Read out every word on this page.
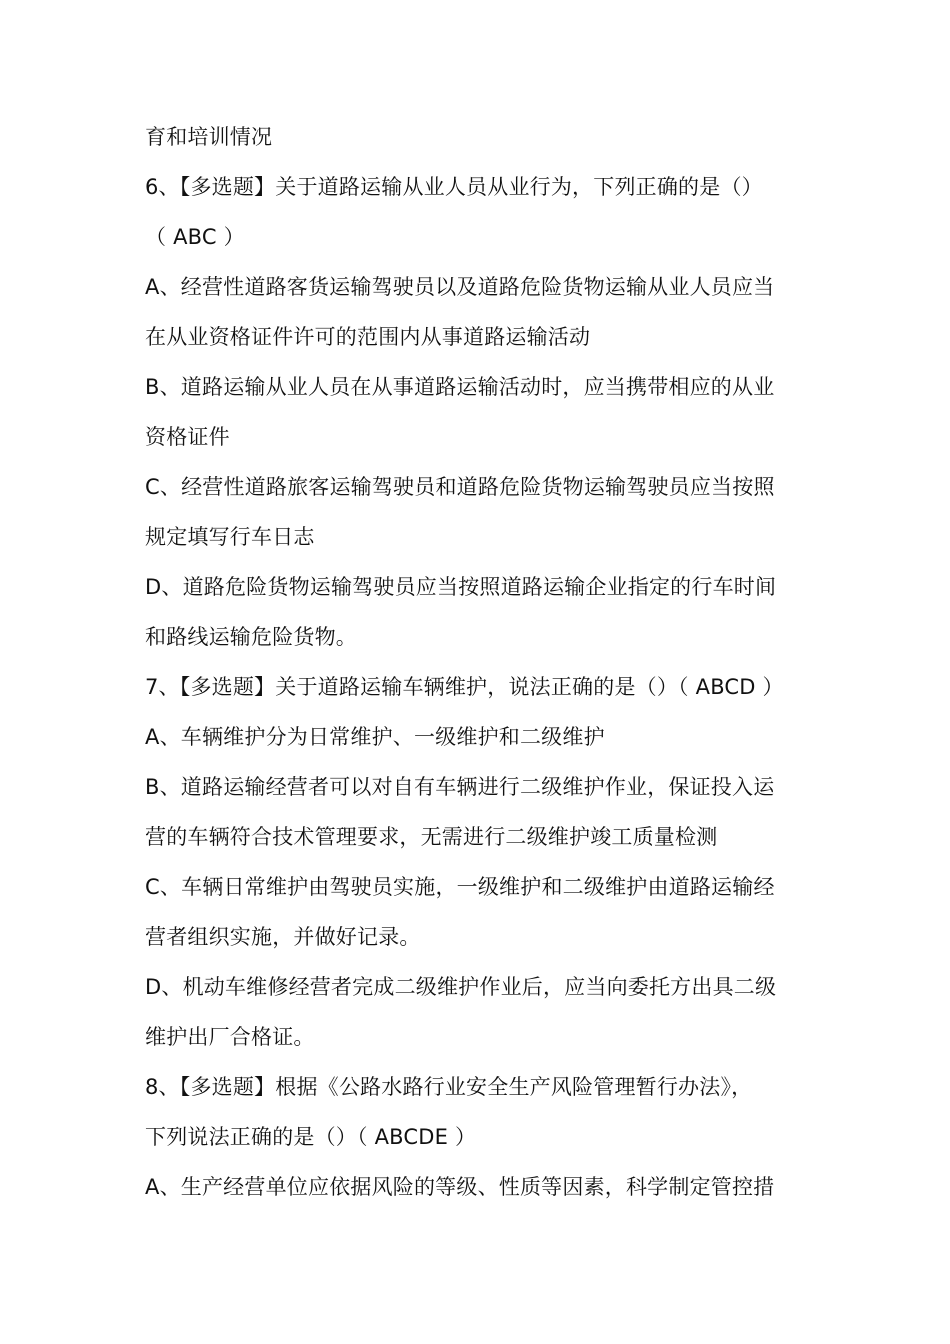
育和培训情况
6、【多选题】关于道路运输从业人员从业行为，下列正确的是（）
（ ABC ）
A、经营性道路客货运输驾驶员以及道路危险货物运输从业人员应当
在从业资格证件许可的范围内从事道路运输活动
B、道路运输从业人员在从事道路运输活动时，应当携带相应的从业
资格证件
C、经营性道路旅客运输驾驶员和道路危险货物运输驾驶员应当按照
规定填写行车日志
D、道路危险货物运输驾驶员应当按照道路运输企业指定的行车时间
和路线运输危险货物。
7、【多选题】关于道路运输车辆维护，说法正确的是（）（ ABCD ）
A、车辆维护分为日常维护、一级维护和二级维护
B、道路运输经营者可以对自有车辆进行二级维护作业，保证投入运
营的车辆符合技术管理要求，无需进行二级维护竣工质量检测
C、车辆日常维护由驾驶员实施，一级维护和二级维护由道路运输经
营者组织实施，并做好记录。
D、机动车维修经营者完成二级维护作业后，应当向委托方出具二级
维护出厂合格证。
8、【多选题】根据《公路水路行业安全生产风险管理暂行办法》，
下列说法正确的是（）（ ABCDE ）
A、生产经营单位应依据风险的等级、性质等因素，科学制定管控措
